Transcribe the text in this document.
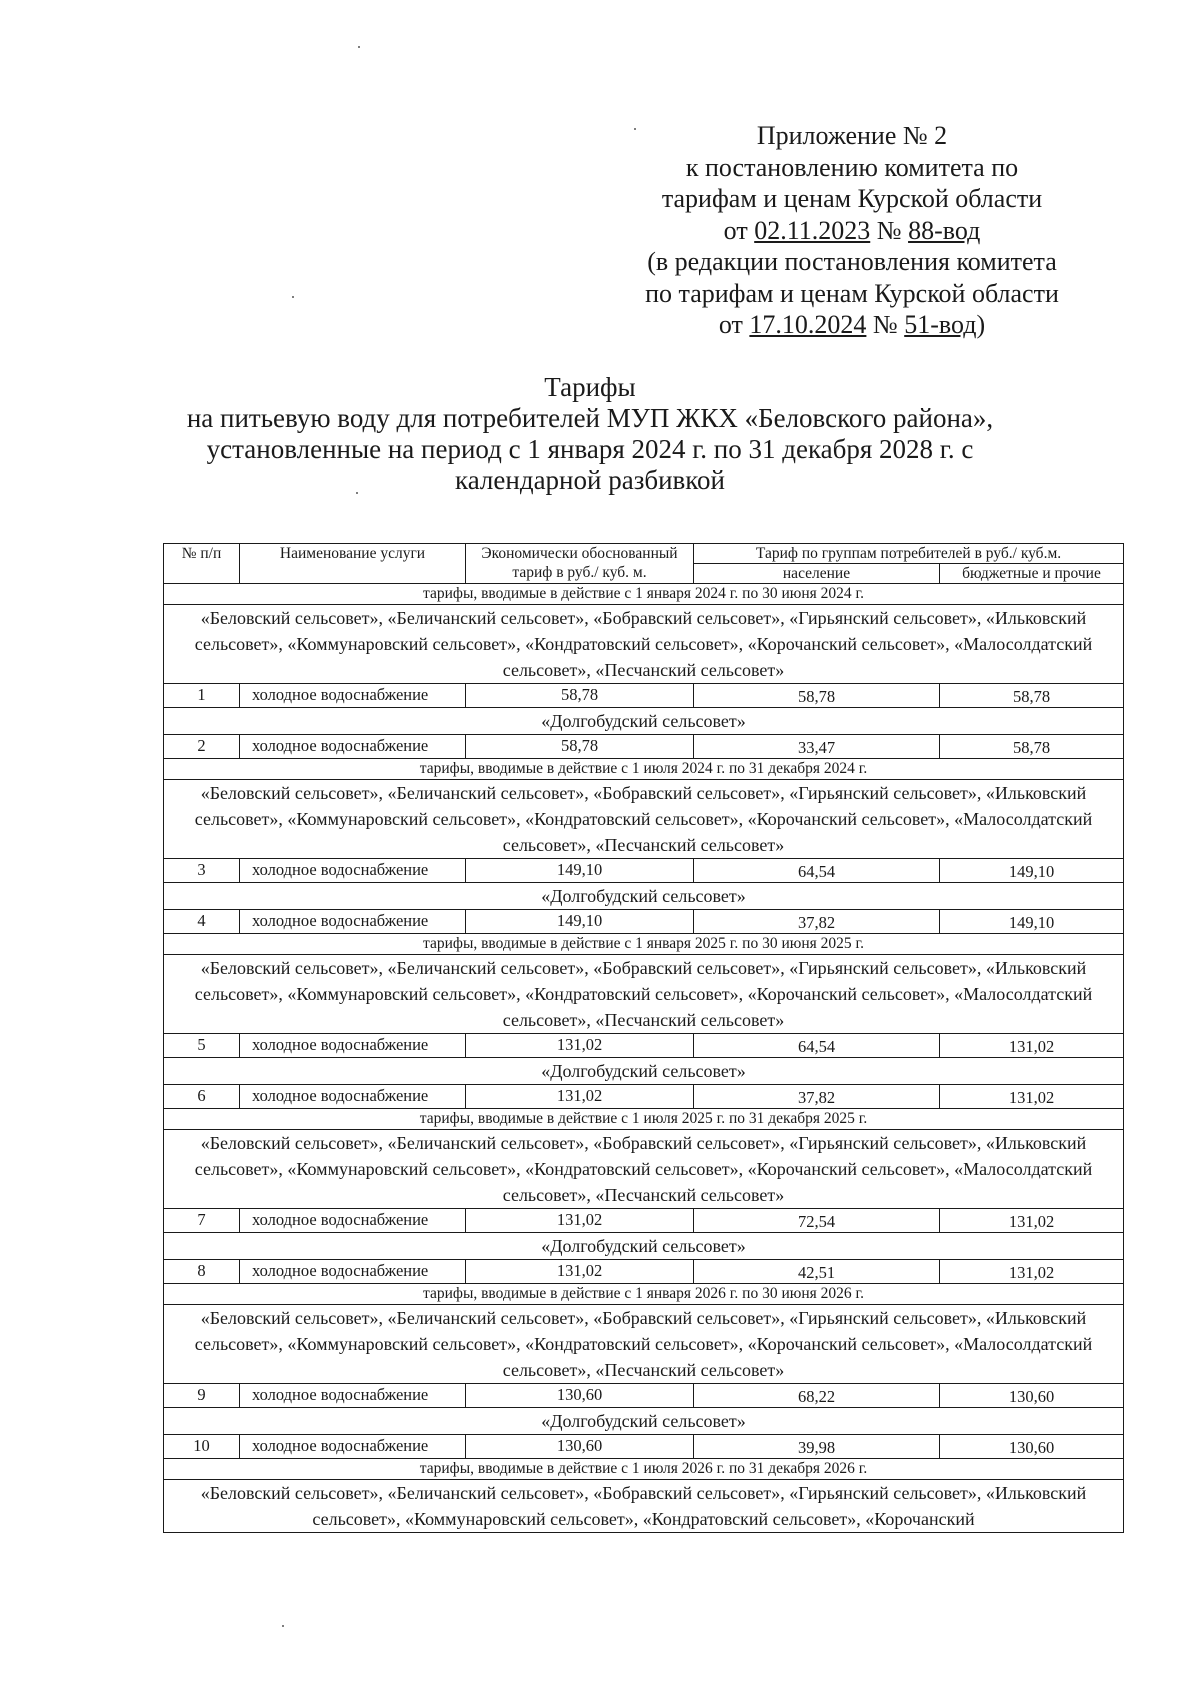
Приложение № 2
к постановлению комитета по
тарифам и ценам Курской области
от 02.11.2023 № 88-вод
(в редакции постановления комитета
по тарифам и ценам Курской области
от 17.10.2024 № 51-вод)
Тарифы
на питьевую воду для потребителей МУП ЖКХ «Беловского района»,
установленные на период с 1 января 2024 г. по 31 декабря 2028 г. с
календарной разбивкой
№ п/п	Наименование услуги	Экономически обоснованный тариф в руб./ куб. м.	Тариф по группам потребителей в руб./ куб.м.	
			население	бюджетные и прочие
тарифы, вводимые в действие с 1 января 2024 г. по 30 июня 2024 г.				
«Беловский сельсовет», «Беличанский сельсовет», «Бобравский сельсовет», «Гирьянский сельсовет», «Ильковский сельсовет», «Коммунаровский сельсовет», «Кондратовский сельсовет», «Корочанский сельсовет», «Малосолдатский сельсовет», «Песчанский сельсовет»				
1	холодное водоснабжение	58,78	58,78	58,78
«Долгобудский сельсовет»				
2	холодное водоснабжение	58,78	33,47	58,78
тарифы, вводимые в действие с 1 июля 2024 г. по 31 декабря 2024 г.				
«Беловский сельсовет», «Беличанский сельсовет», «Бобравский сельсовет», «Гирьянский сельсовет», «Ильковский сельсовет», «Коммунаровский сельсовет», «Кондратовский сельсовет», «Корочанский сельсовет», «Малосолдатский сельсовет», «Песчанский сельсовет»				
3	холодное водоснабжение	149,10	64,54	149,10
«Долгобудский сельсовет»				
4	холодное водоснабжение	149,10	37,82	149,10
тарифы, вводимые в действие с 1 января 2025 г. по 30 июня 2025 г.				
«Беловский сельсовет», «Беличанский сельсовет», «Бобравский сельсовет», «Гирьянский сельсовет», «Ильковский сельсовет», «Коммунаровский сельсовет», «Кондратовский сельсовет», «Корочанский сельсовет», «Малосолдатский сельсовет», «Песчанский сельсовет»				
5	холодное водоснабжение	131,02	64,54	131,02
«Долгобудский сельсовет»				
6	холодное водоснабжение	131,02	37,82	131,02
тарифы, вводимые в действие с 1 июля 2025 г. по 31 декабря 2025 г.				
«Беловский сельсовет», «Беличанский сельсовет», «Бобравский сельсовет», «Гирьянский сельсовет», «Ильковский сельсовет», «Коммунаровский сельсовет», «Кондратовский сельсовет», «Корочанский сельсовет», «Малосолдатский сельсовет», «Песчанский сельсовет»				
7	холодное водоснабжение	131,02	72,54	131,02
«Долгобудский сельсовет»				
8	холодное водоснабжение	131,02	42,51	131,02
тарифы, вводимые в действие с 1 января 2026 г. по 30 июня 2026 г.				
«Беловский сельсовет», «Беличанский сельсовет», «Бобравский сельсовет», «Гирьянский сельсовет», «Ильковский сельсовет», «Коммунаровский сельсовет», «Кондратовский сельсовет», «Корочанский сельсовет», «Малосолдатский сельсовет», «Песчанский сельсовет»				
9	холодное водоснабжение	130,60	68,22	130,60
«Долгобудский сельсовет»				
10	холодное водоснабжение	130,60	39,98	130,60
тарифы, вводимые в действие с 1 июля 2026 г. по 31 декабря 2026 г.				
«Беловский сельсовет», «Беличанский сельсовет», «Бобравский сельсовет», «Гирьянский сельсовет», «Ильковский сельсовет», «Коммунаровский сельсовет», «Кондратовский сельсовет», «Корочанский				
